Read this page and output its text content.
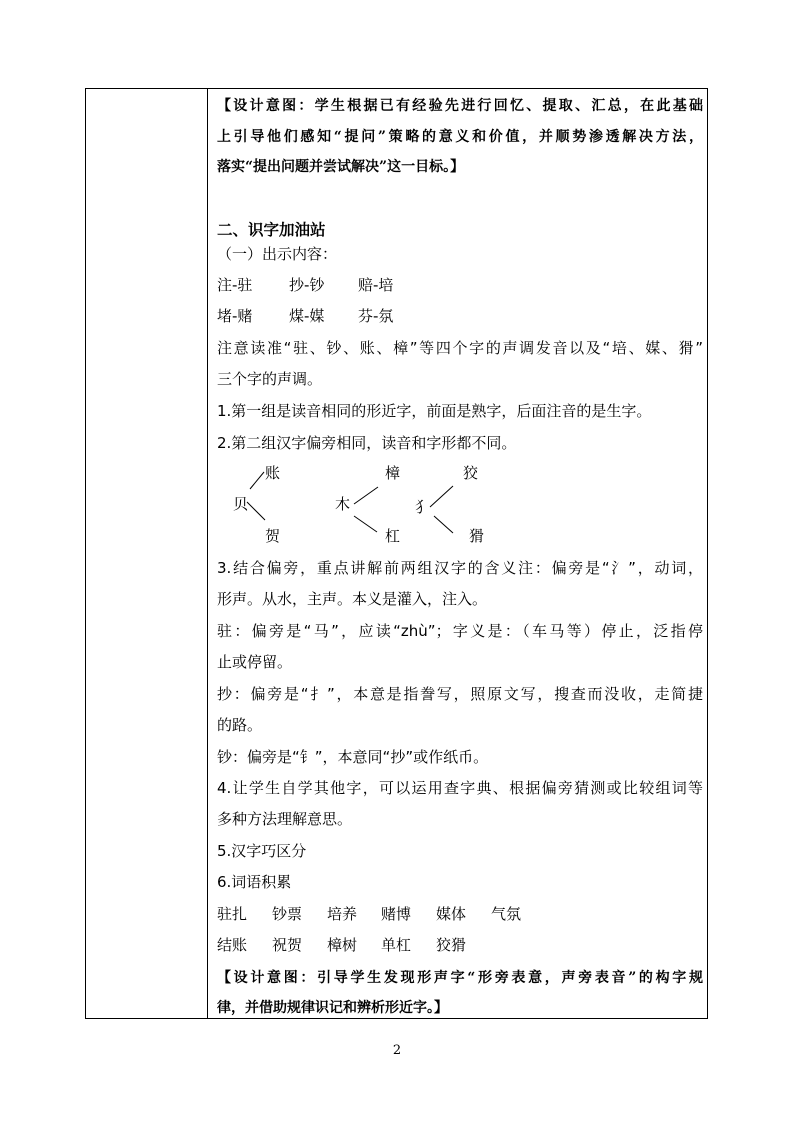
【设计意图：学生根据已有经验先进行回忆、提取、汇总，在此基础
上引导他们感知“提问”策略的意义和价值，并顺势渗透解决方法，
落实“提出问题并尝试解决”这一目标。】
二、识字加油站
（一）出示内容：
注-驻 抄-钞 赔-培
堵-赌 煤-媒 芬-氛
注意读准“驻、钞、账、樟”等四个字的声调发音以及“培、媒、猾”
三个字的声调。
1.第一组是读音相同的形近字，前面是熟字，后面注音的是生字。
2.第二组汉字偏旁相同，读音和字形都不同。
账
贝
贺
樟
木
杠
狡
犭
猾
3.结合偏旁，重点讲解前两组汉字的含义注：偏旁是“氵”，动词，
形声。从水，主声。本义是灌入，注入。
驻：偏旁是“马”，应读“zhù”；字义是：（车马等）停止，泛指停
止或停留。
抄：偏旁是“扌”，本意是指誊写，照原文写，搜查而没收，走简捷
的路。
钞：偏旁是“钅”，本意同“抄”或作纸币。
4.让学生自学其他字，可以运用查字典、根据偏旁猜测或比较组词等
多种方法理解意思。
5.汉字巧区分
6.词语积累
驻扎 钞票 培养 赌博 媒体 气氛
结账 祝贺 樟树 单杠 狡猾
【设计意图：引导学生发现形声字“形旁表意，声旁表音”的构字规
律，并借助规律识记和辨析形近字。】
2
